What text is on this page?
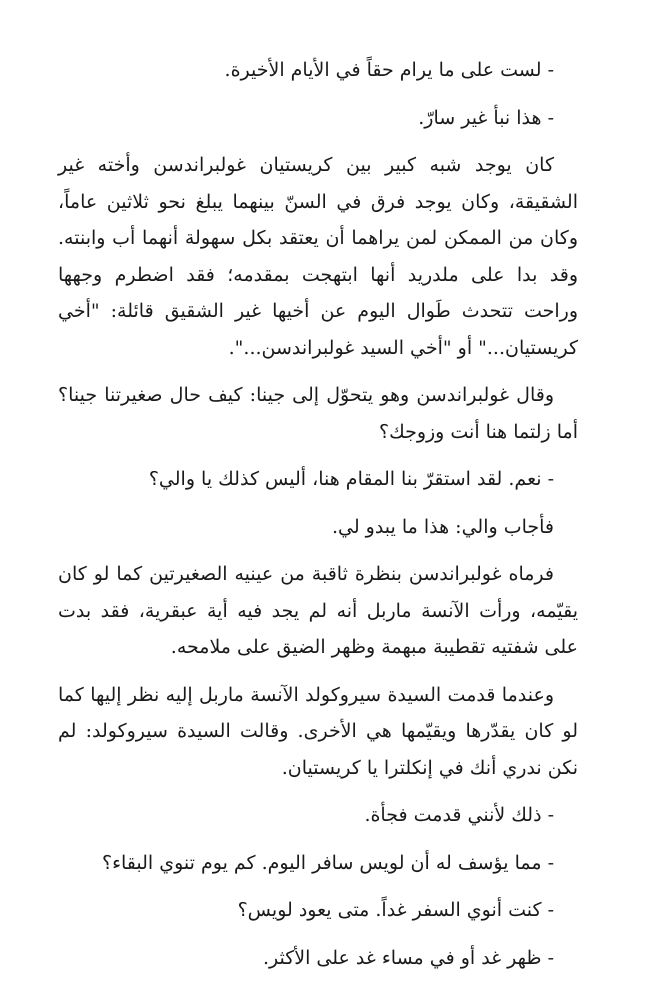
- لست على ما يرام حقاً في الأيام الأخيرة.

- هذا نبأ غير سارّ.

كان يوجد شبه كبير بين كريستيان غولبراندسن وأخته غير الشقيقة، وكان يوجد فرق في السنّ بينهما يبلغ نحو ثلاثين عاماً، وكان من الممكن لمن يراهما أن يعتقد بكل سهولة أنهما أب وابنته. وقد بدا على ملدريد أنها ابتهجت بمقدمه؛ فقد اضطرم وجهها وراحت تتحدث طَوال اليوم عن أخيها غير الشقيق قائلة: "أخي كريستيان..." أو "أخي السيد غولبراندسن...".

وقال غولبراندسن وهو يتحوّل إلى جينا: كيف حال صغيرتنا جينا؟ أما زلتما هنا أنت وزوجك؟

- نعم. لقد استقرّ بنا المقام هنا، أليس كذلك يا والي؟

فأجاب والي: هذا ما يبدو لي.

فرماه غولبراندسن بنظرة ثاقبة من عينيه الصغيرتين كما لو كان يقيّمه، ورأت الآنسة ماربل أنه لم يجد فيه أية عبقرية، فقد بدت على شفتيه تقطيبة مبهمة وظهر الضيق على ملامحه.

وعندما قدمت السيدة سيروكولد الآنسة ماربل إليه نظر إليها كما لو كان يقدّرها ويقيّمها هي الأخرى. وقالت السيدة سيروكولد: لم نكن ندري أنك في إنكلترا يا كريستيان.

- ذلك لأنني قدمت فجأة.

- مما يؤسف له أن لويس سافر اليوم. كم يوم تنوي البقاء؟

- كنت أنوي السفر غداً. متى يعود لويس؟

- ظهر غد أو في مساء غد على الأكثر.
